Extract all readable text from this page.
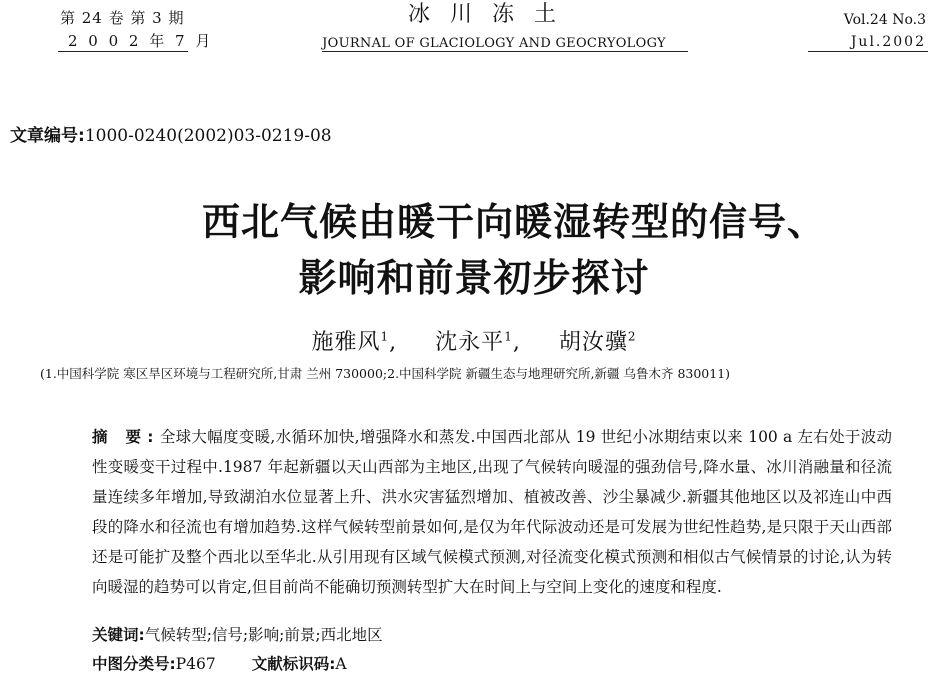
第 24 卷 第 3 期
2 0 0 2 年 7 月
冰川冻土
JOURNAL OF GLACIOLOGY AND GEOCRYOLOGY
Vol.24 No.3
Jul.2002
文章编号:1000-0240(2002)03-0219-08
西北气候由暖干向暖湿转型的信号、
影响和前景初步探讨
施雅风$^1$, 沈永平$^1$, 胡汝骥$^2$
(1.中国科学院 寒区旱区环境与工程研究所,甘肃 兰州 730000;2.中国科学院 新疆生态与地理研究所,新疆 乌鲁木齐 830011)
摘 要:全球大幅度变暖,水循环加快,增强降水和蒸发.中国西北部从 19 世纪小冰期结束以来 100 a 左右处于波动性变暖变干过程中.1987 年起新疆以天山西部为主地区,出现了气候转向暖湿的强劲信号,降水量、冰川消融量和径流量连续多年增加,导致湖泊水位显著上升、洪水灾害猛烈增加、植被改善、沙尘暴减少.新疆其他地区以及祁连山中西段的降水和径流也有增加趋势.这样气候转型前景如何,是仅为年代际波动还是可发展为世纪性趋势,是只限于天山西部还是可能扩及整个西北以至华北.从引用现有区域气候模式预测,对径流变化模式预测和相似古气候情景的讨论,认为转向暖湿的趋势可以肯定,但目前尚不能确切预测转型扩大在时间上与空间上变化的速度和程度.
关键词:气候转型;信号;影响;前景;西北地区
中图分类号:P467 文献标识码:A
